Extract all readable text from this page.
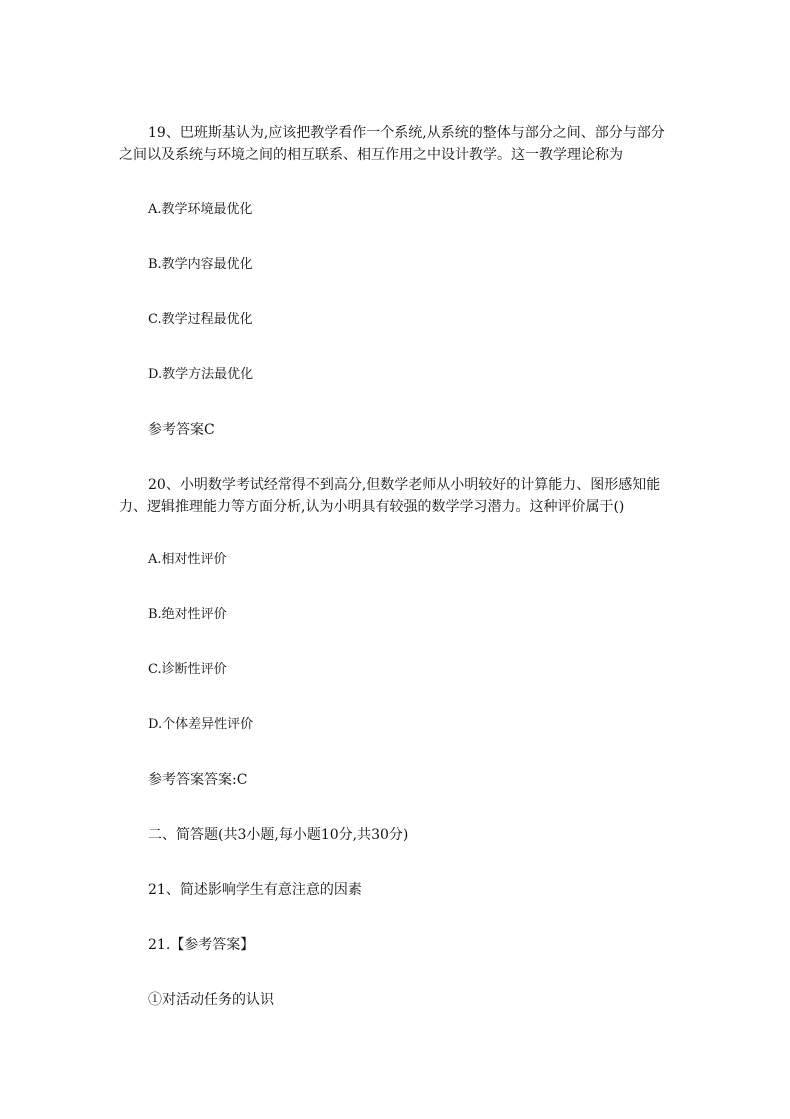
19、巴班斯基认为,应该把教学看作一个系统,从系统的整体与部分之间、部分与部分
之间以及系统与环境之间的相互联系、相互作用之中设计教学。这一教学理论称为
A.教学环境最优化
B.教学内容最优化
C.教学过程最优化
D.教学方法最优化
参考答案C
20、小明数学考试经常得不到高分,但数学老师从小明较好的计算能力、图形感知能
力、逻辑推理能力等方面分析,认为小明具有较强的数学学习潜力。这种评价属于()
A.相对性评价
B.绝对性评价
C.诊断性评价
D.个体差异性评价
参考答案答案:C
二、简答题(共3小题,每小题10分,共30分)
21、简述影响学生有意注意的因素
21.【参考答案】
①对活动任务的认识
